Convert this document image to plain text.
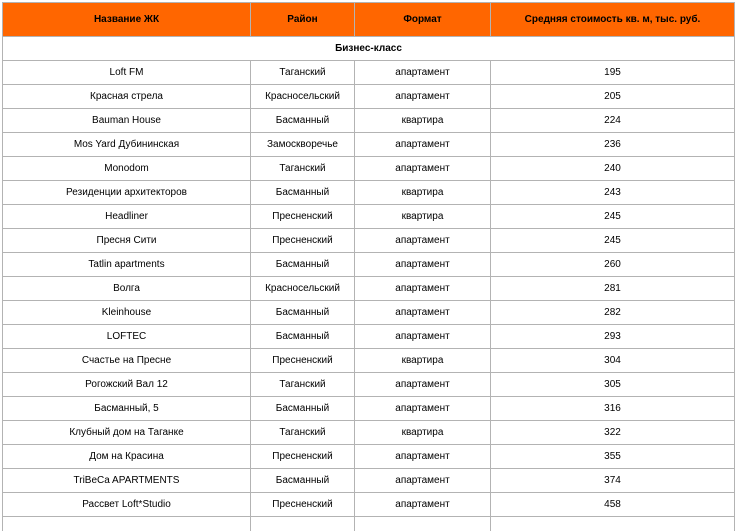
Название ЖК	Район	Формат	Средняя стоимость кв. м, тыс. руб.
Бизнес-класс			
Loft FM	Таганский	апартамент	195
Красная стрела	Красносельский	апартамент	205
Bauman House	Басманный	квартира	224
Mos Yard Дубининская	Замоскворечье	апартамент	236
Monodom	Таганский	апартамент	240
Резиденции архитекторов	Басманный	квартира	243
Headliner	Пресненский	квартира	245
Пресня Сити	Пресненский	апартамент	245
Tatlin apartments	Басманный	апартамент	260
Волга	Красносельский	апартамент	281
Kleinhouse	Басманный	апартамент	282
LOFTEC	Басманный	апартамент	293
Счастье на Пресне	Пресненский	квартира	304
Рогожский Вал 12	Таганский	апартамент	305
Басманный, 5	Басманный	апартамент	316
Клубный дом на Таганке	Таганский	квартира	322
Дом на Красина	Пресненский	апартамент	355
TriBeCa APARTMENTS	Басманный	апартамент	374
Рассвет Loft*Studio	Пресненский	апартамент	458
